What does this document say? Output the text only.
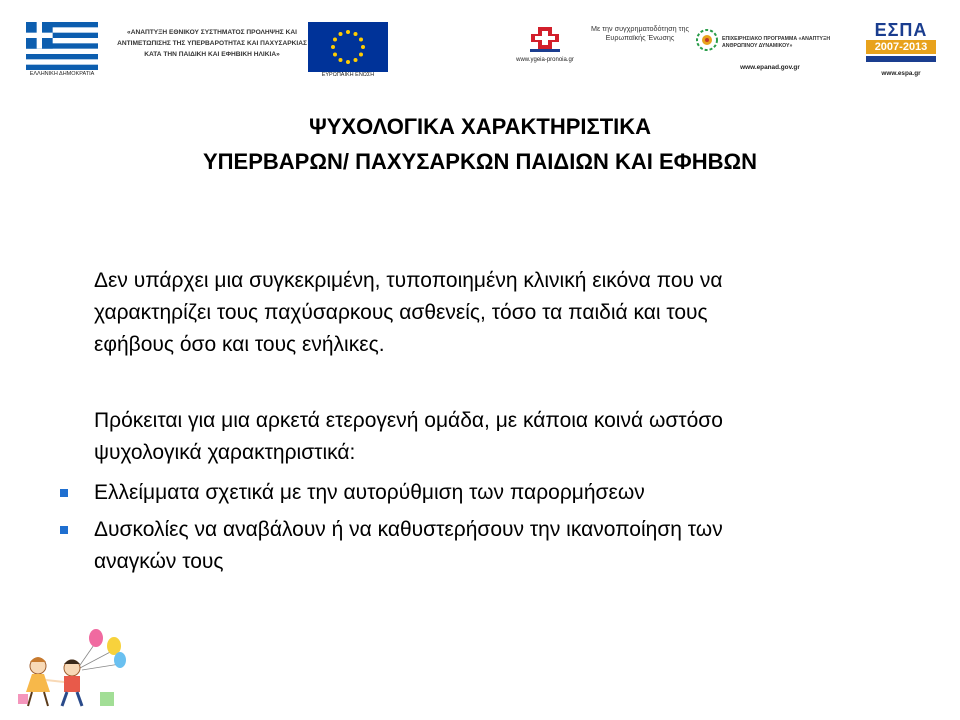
ΕΛΛΗΝΙΚΗ ΔΗΜΟΚΡΑΤΙΑ
«ΑΝΑΠΤΥΞΗ ΕΘΝΙΚΟΥ ΣΥΣΤΗΜΑΤΟΣ ΠΡΟΛΗΨΗΣ ΚΑΙ ΑΝΤΙΜΕΤΩΠΙΣΗΣ ΤΗΣ ΥΠΕΡΒΑΡΟΤΗΤΑΣ ΚΑΙ ΠΑΧΥΣΑΡΚΙΑΣ ΚΑΤΑ ΤΗΝ ΠΑΙΔΙΚΗ ΚΑΙ ΕΦΗΒΙΚΗ ΗΛΙΚΙΑ»
ΕΥΡΩΠΑΪΚΗ ΕΝΩΣΗ
www.ygeia-pronoia.gr
Με την συγχρηματοδότηση της Ευρωπαϊκής Ένωσης	ΕΠΙΧΕΙΡΗΣΙΑΚΟ ΠΡΟΓΡΑΜΜΑ «ΑΝΑΠΤΥΞΗ ΑΝΘΡΩΠΙΝΟΥ ΔΥΝΑΜΙΚΟΥ»
www.epanad.gov.gr
ΕΣΠΑ
2007-2013
www.espa.gr
ΨΥΧΟΛΟΓΙΚΑ ΧΑΡΑΚΤΗΡΙΣΤΙΚΑ
ΥΠΕΡΒΑΡΩΝ/ ΠΑΧΥΣΑΡΚΩΝ ΠΑΙΔΙΩΝ ΚΑΙ ΕΦΗΒΩΝ
Δεν υπάρχει μια συγκεκριμένη, τυποποιημένη κλινική εικόνα που να
χαρακτηρίζει τους παχύσαρκους ασθενείς, τόσο τα παιδιά και τους
εφήβους όσο και τους ενήλικες.
Πρόκειται για μια αρκετά ετερογενή ομάδα, με κάποια κοινά ωστόσο
ψυχολογικά χαρακτηριστικά:
Ελλείμματα σχετικά με την αυτορύθμιση των παρορμήσεων
Δυσκολίες να αναβάλουν ή να καθυστερήσουν την ικανοποίηση των
αναγκών τους
